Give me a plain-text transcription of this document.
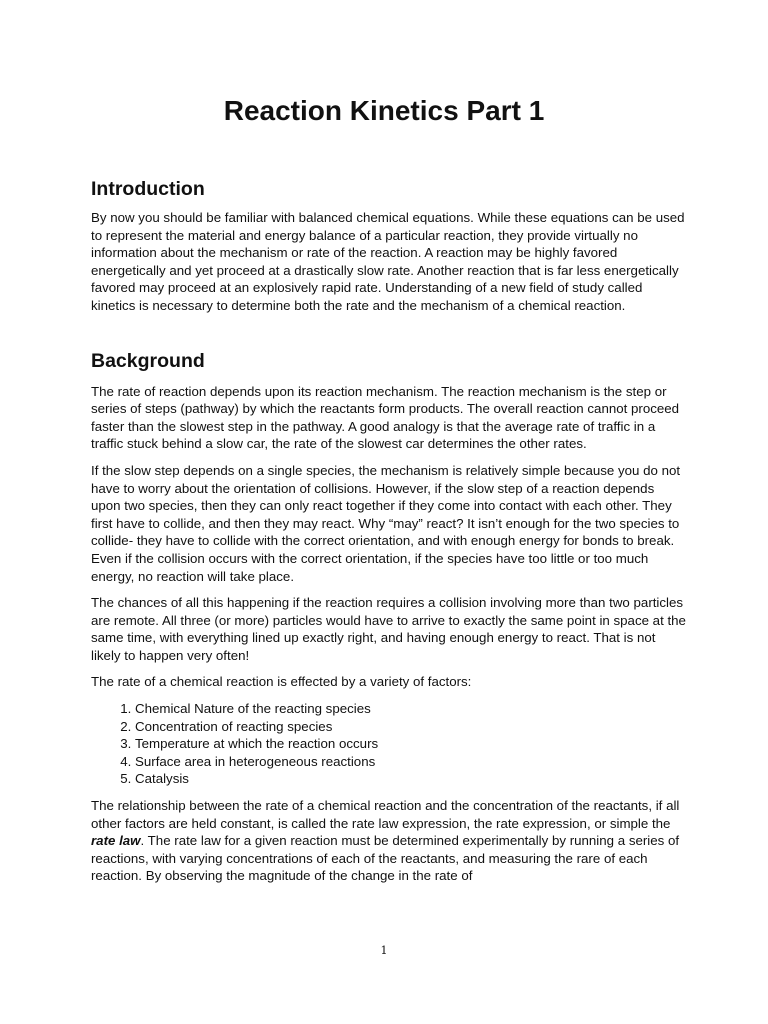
Reaction Kinetics Part 1
Introduction

By now you should be familiar with balanced chemical equations. While these equations can be used to represent the material and energy balance of a particular reaction, they provide virtually no information about the mechanism or rate of the reaction. A reaction may be highly favored energetically and yet proceed at a drastically slow rate. Another reaction that is far less energetically favored may proceed at an explosively rapid rate. Understanding of a new field of study called kinetics is necessary to determine both the rate and the mechanism of a chemical reaction.

Background

The rate of reaction depends upon its reaction mechanism. The reaction mechanism is the step or series of steps (pathway) by which the reactants form products. The overall reaction cannot proceed faster than the slowest step in the pathway. A good analogy is that the average rate of traffic in a traffic stuck behind a slow car, the rate of the slowest car determines the other rates.

If the slow step depends on a single species, the mechanism is relatively simple because you do not have to worry about the orientation of collisions. However, if the slow step of a reaction depends upon two species, then they can only react together if they come into contact with each other. They first have to collide, and then they may react. Why “may” react? It isn’t enough for the two species to collide- they have to collide with the correct orientation, and with enough energy for bonds to break. Even if the collision occurs with the correct orientation, if the species have too little or too much energy, no reaction will take place.

The chances of all this happening if the reaction requires a collision involving more than two particles are remote. All three (or more) particles would have to arrive to exactly the same point in space at the same time, with everything lined up exactly right, and having enough energy to react. That is not likely to happen very often!

The rate of a chemical reaction is effected by a variety of factors:

1. Chemical Nature of the reacting species
2. Concentration of reacting species
3. Temperature at which the reaction occurs
4. Surface area in heterogeneous reactions
5. Catalysis

The relationship between the rate of a chemical reaction and the concentration of the reactants, if all other factors are held constant, is called the rate law expression, the rate expression, or simple the rate law. The rate law for a given reaction must be determined experimentally by running a series of reactions, with varying concentrations of each of the reactants, and measuring the rare of each reaction. By observing the magnitude of the change in the rate of

1
